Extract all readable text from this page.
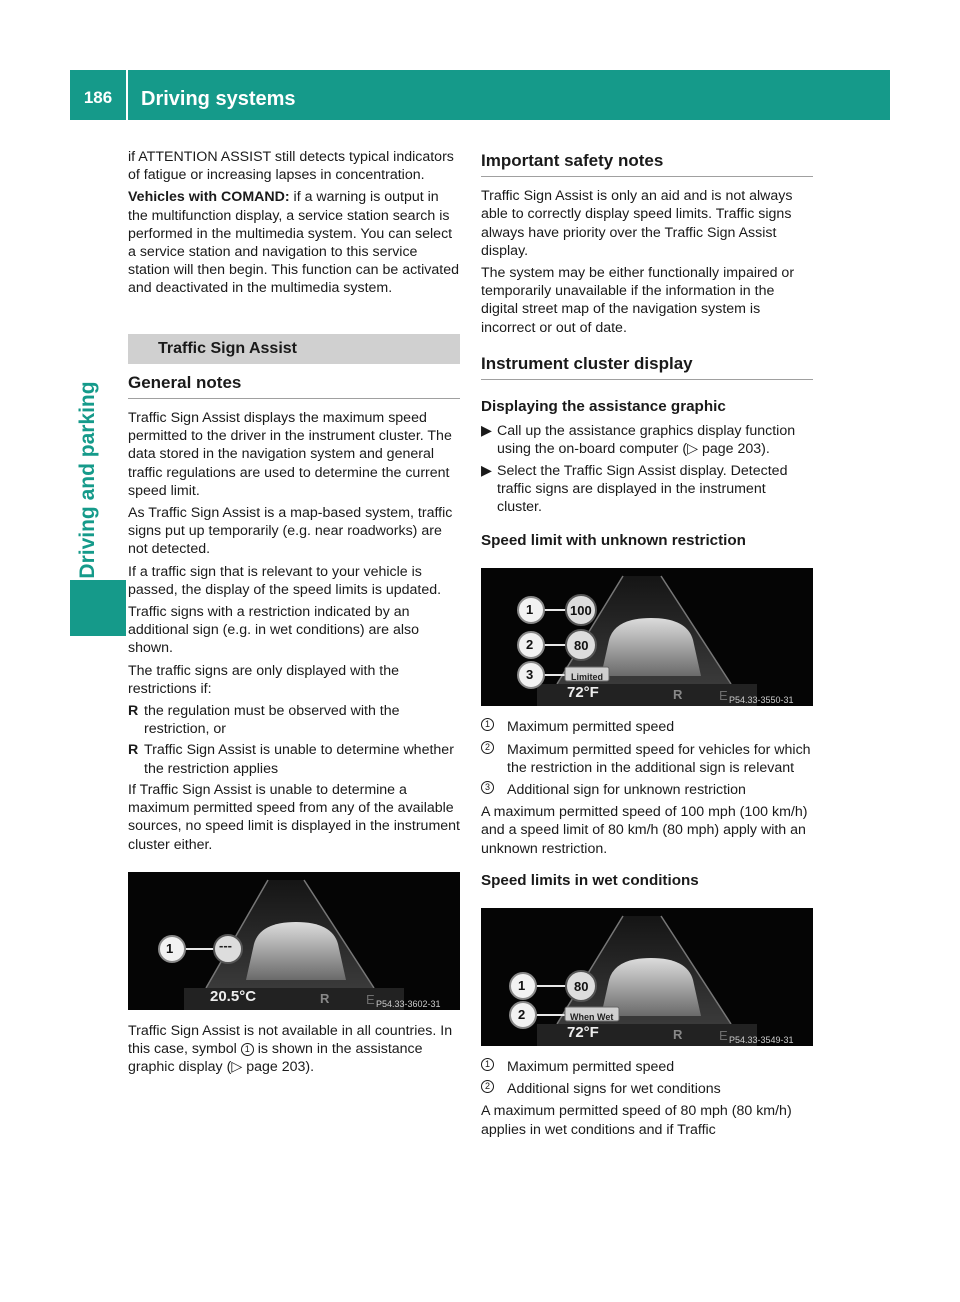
186	Driving systems
Driving and parking

if ATTENTION ASSIST still detects typical indicators of fatigue or increasing lapses in concentration.

Vehicles with COMAND: if a warning is output in the multifunction display, a service station search is performed in the multimedia system. You can select a service station and navigation to this service station will then begin. This function can be activated and deactivated in the multimedia system.

Traffic Sign Assist
General notes

Traffic Sign Assist displays the maximum speed permitted to the driver in the instrument cluster. The data stored in the navigation system and general traffic regulations are used to determine the current speed limit.

As Traffic Sign Assist is a map-based system, traffic signs put up temporarily (e.g. near roadworks) are not detected.

If a traffic sign that is relevant to your vehicle is passed, the display of the speed limits is updated.

Traffic signs with a restriction indicated by an additional sign (e.g. in wet conditions) are also shown.

The traffic signs are only displayed with the restrictions if:

R the regulation must be observed with the restriction, or
R Traffic Sign Assist is unable to determine whether the restriction applies

If Traffic Sign Assist is unable to determine a maximum permitted speed from any of the available sources, no speed limit is displayed in the instrument cluster either.

1	---
20.5°C	R	E P54.33-3602-31

Traffic Sign Assist is not available in all countries. In this case, symbol 1 is shown in the assistance graphic display (▷ page 203).

Important safety notes

Traffic Sign Assist is only an aid and is not always able to correctly display speed limits. Traffic signs always have priority over the Traffic Sign Assist display.

The system may be either functionally impaired or temporarily unavailable if the information in the digital street map of the navigation system is incorrect or out of date.

Instrument cluster display
Displaying the assistance graphic
▶ Call up the assistance graphics display function using the on-board computer (▷ page 203).
▶ Select the Traffic Sign Assist display. Detected traffic signs are displayed in the instrument cluster.
Speed limit with unknown restriction
1
2
3
100
80
Limited
72°F	R	E P54.33-3550-31
1 Maximum permitted speed
2 Maximum permitted speed for vehicles for which the restriction in the additional sign is relevant
3 Additional sign for unknown restriction

A maximum permitted speed of 100 mph (100 km/h) and a speed limit of 80 km/h (80 mph) apply with an unknown restriction.

Speed limits in wet conditions
1
2
80
When Wet
72°F	R	E P54.33-3549-31
1 Maximum permitted speed
2 Additional signs for wet conditions

A maximum permitted speed of 80 mph (80 km/h) applies in wet conditions and if Traffic
